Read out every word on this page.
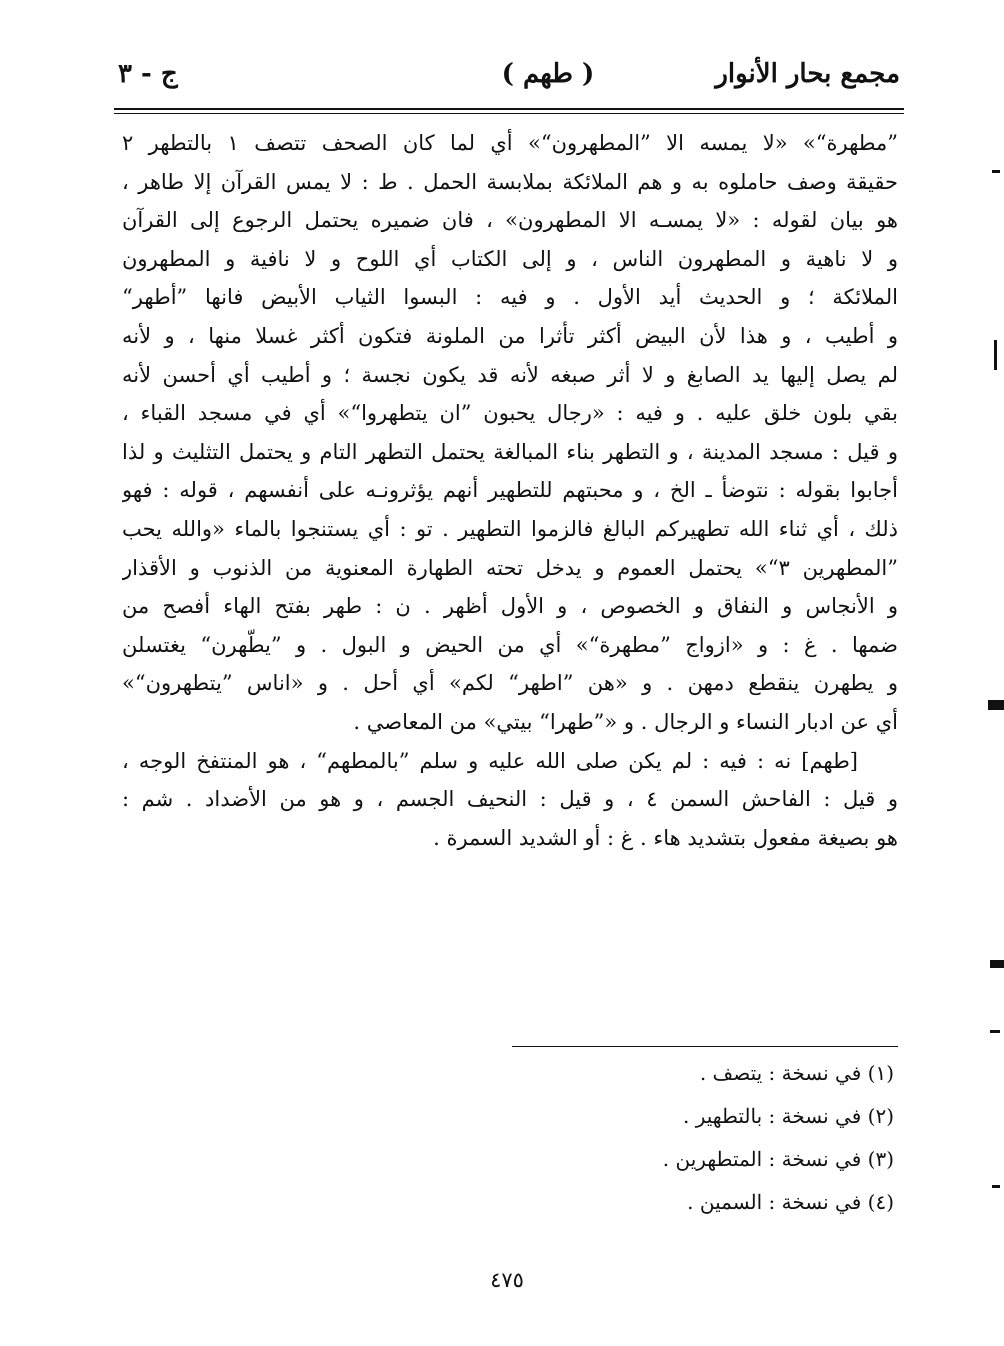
مجمع بحار الأنوار
( طهم )
ج - ٣
”مطهرة“» «لا يمسه الا ”المطهرون“» أي لما كان الصحف تتصف ١ بالتطهر ٢
حقيقة وصف حاملوه به و هم الملائكة بملابسة الحمل . ط : لا يمس القرآن إلا طاهر ،
هو بيان لقوله : «لا يمسـه الا المطهرون» ، فان ضميره يحتمل الرجوع إلى القرآن
و لا ناهية و المطهرون الناس ، و إلى الكتاب أي اللوح و لا نافية و المطهرون
الملائكة ؛ و الحديث أيد الأول . و فيه : البسوا الثياب الأبيض فانها ”أطهر“
و أطيب ، و هذا لأن البيض أكثر تأثرا من الملونة فتكون أكثر غسلا منها ، و لأنه
لم يصل إليها يد الصابغ و لا أثر صبغه لأنه قد يكون نجسة ؛ و أطيب أي أحسن لأنه
بقي بلون خلق عليه . و فيه : «رجال يحبون ”ان يتطهروا“» أي في مسجد القباء ،
و قيل : مسجد المدينة ، و التطهر بناء المبالغة يحتمل التطهر التام و يحتمل التثليث و لذا
أجابوا بقوله : نتوضأ ـ الخ ، و محبتهم للتطهير أنهم يؤثرونـه على أنفسهم ، قوله : فهو
ذلك ، أي ثناء الله تطهيركم البالغ فالزموا التطهير . تو : أي يستنجوا بالماء «والله يحب
”المطهرين ٣“» يحتمل العموم و يدخل تحته الطهارة المعنوية من الذنوب و الأقذار
و الأنجاس و النفاق و الخصوص ، و الأول أظهر . ن : طهر بفتح الهاء أفصح من
ضمها . غ : و «ازواج ”مطهرة“» أي من الحيض و البول . و ”يطّهرن“ يغتسلن
و يطهرن ينقطع دمهن . و «هن ”اطهر“ لكم» أي أحل . و «اناس ”يتطهرون“»
أي عن ادبار النساء و الرجال . و «”طهرا“ بيتي» من المعاصي .
[طهم] نه : فيه : لم يكن صلى الله عليه و سلم ”بالمطهم“ ، هو المنتفخ الوجه ،
و قيل : الفاحش السمن ٤ ، و قيل : النحيف الجسم ، و هو من الأضداد . شم :
هو بصيغة مفعول بتشديد هاء . غ : أو الشديد السمرة .
(١) في نسخة : يتصف .
(٢) في نسخة : بالتطهير .
(٣) في نسخة : المتطهرين .
(٤) في نسخة : السمين .
٤٧٥
